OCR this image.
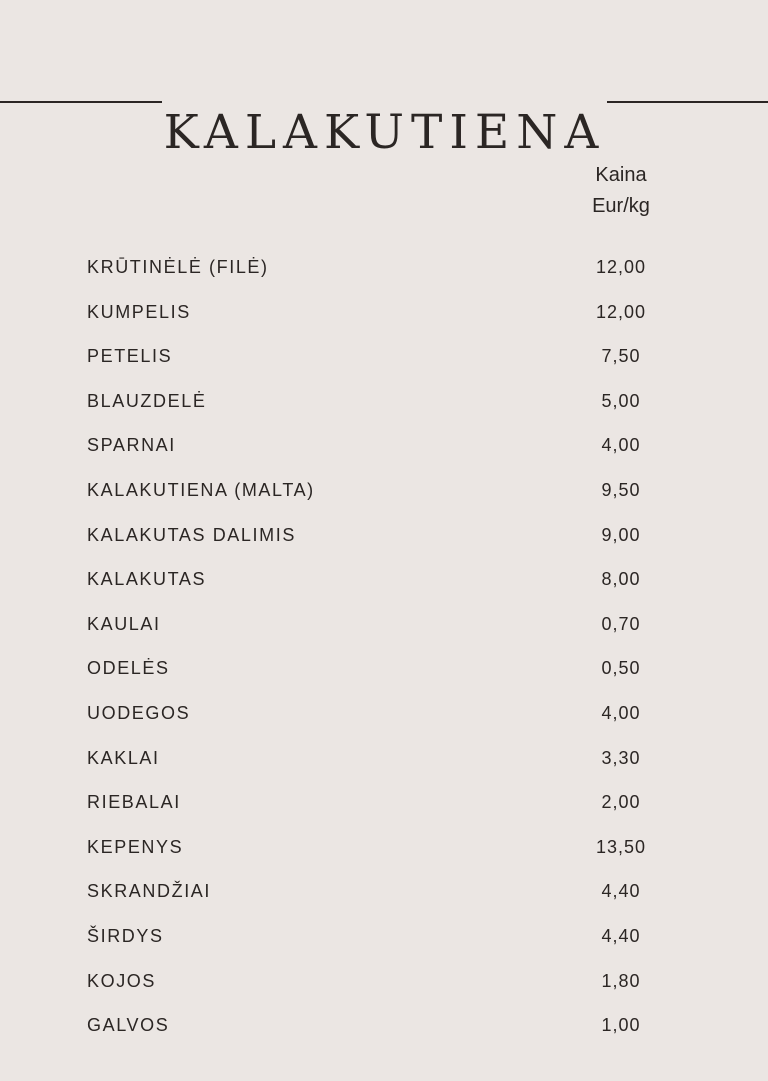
KALAKUTIENA
Kaina
Eur/kg
KRŪTINĖLĖ (FILĖ)	12,00
KUMPELIS	12,00
PETELIS	7,50
BLAUZDELĖ	5,00
SPARNAI	4,00
KALAKUTIENA (MALTA)	9,50
KALAKUTAS DALIMIS	9,00
KALAKUTAS	8,00
KAULAI	0,70
ODELĖS	0,50
UODEGOS	4,00
KAKLAI	3,30
RIEBALAI	2,00
KEPENYS	13,50
SKRANDŽIAI	4,40
ŠIRDYS	4,40
KOJOS	1,80
GALVOS	1,00
